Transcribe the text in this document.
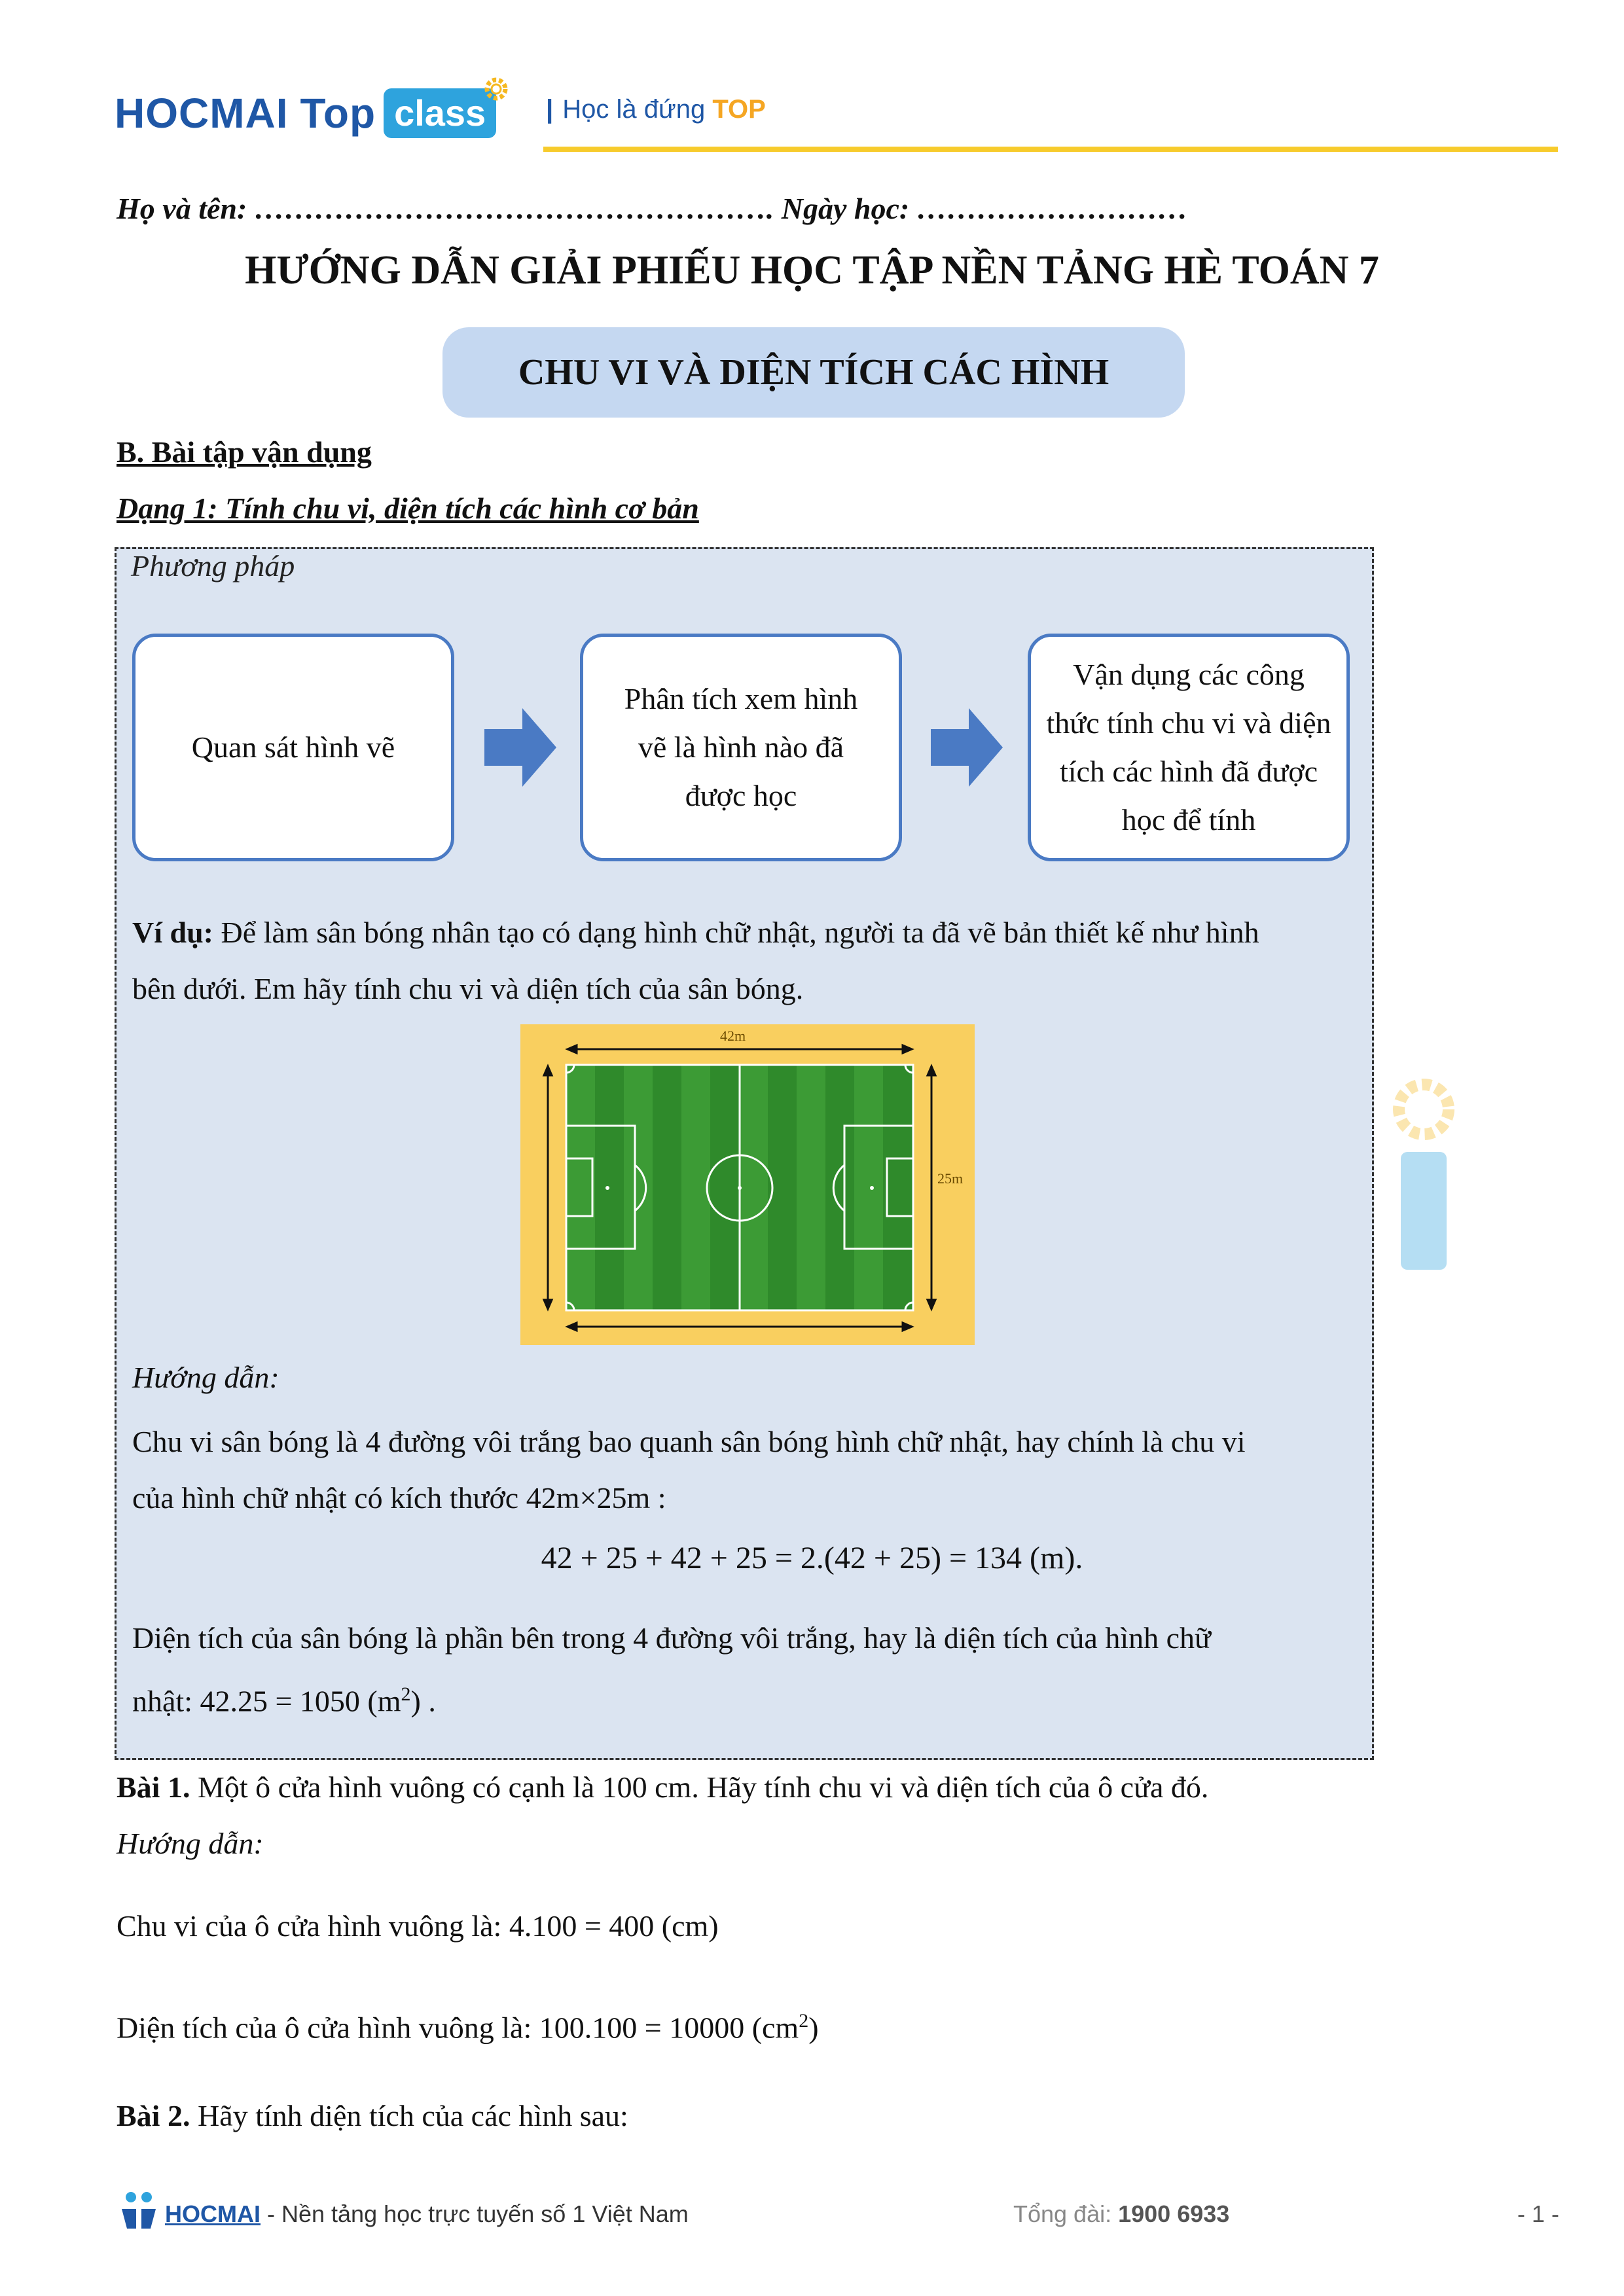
HOCMAI Top class	| Học là đứng TOP
Họ và tên: ……………………………………………. Ngày học: ………………………
HƯỚNG DẪN GIẢI PHIẾU HỌC TẬP NỀN TẢNG HÈ TOÁN 7
CHU VI VÀ DIỆN TÍCH CÁC HÌNH
B. Bài tập vận dụng
Dạng 1: Tính chu vi, diện tích các hình cơ bản
Phương pháp
Quan sát hình vẽ
Phân tích xem hình vẽ là hình nào đã được học
Vận dụng các công thức tính chu vi và diện tích các hình đã được học để tính
Ví dụ: Để làm sân bóng nhân tạo có dạng hình chữ nhật, người ta đã vẽ bản thiết kế như hình
bên dưới. Em hãy tính chu vi và diện tích của sân bóng.
42m
25m
Hướng dẫn:
Chu vi sân bóng là 4 đường vôi trắng bao quanh sân bóng hình chữ nhật, hay chính là chu vi
của hình chữ nhật có kích thước 42m×25m :
42 + 25 + 42 + 25 = 2.(42 + 25) = 134 (m).
Diện tích của sân bóng là phần bên trong 4 đường vôi trắng, hay là diện tích của hình chữ
nhật: 42.25 = 1050 $(m^2)$ .
Bài 1. Một ô cửa hình vuông có cạnh là 100 cm. Hãy tính chu vi và diện tích của ô cửa đó.
Hướng dẫn:
Chu vi của ô cửa hình vuông là: 4.100 = 400 (cm)
Diện tích của ô cửa hình vuông là: 100.100 = 10000 $(cm^2)$
Bài 2. Hãy tính diện tích của các hình sau:
HOCMAI - Nền tảng học trực tuyến số 1 Việt Nam	Tổng đài: 1900 6933	- 1 -
